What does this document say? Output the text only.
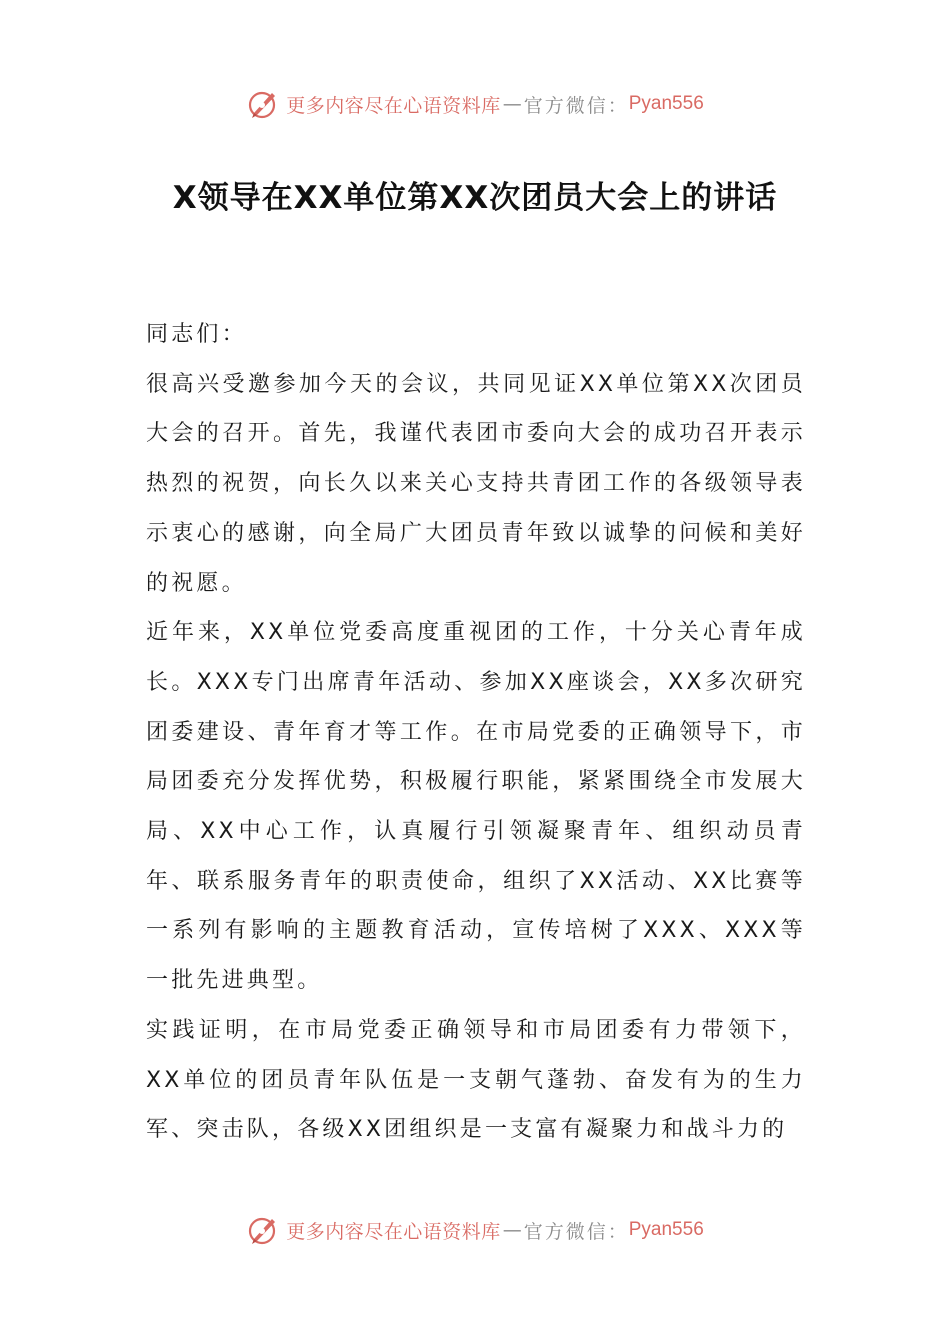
更多内容尽在心语资料库 — 官方微信： Pyan556
X领导在XX单位第XX次团员大会上的讲话

同志们：

很高兴受邀参加今天的会议，共同见证XX单位第XX次团员大会的召开。首先，我谨代表团市委向大会的成功召开表示热烈的祝贺，向长久以来关心支持共青团工作的各级领导表示衷心的感谢，向全局广大团员青年致以诚挚的问候和美好的祝愿。

近年来，XX单位党委高度重视团的工作，十分关心青年成长。XXX专门出席青年活动、参加XX座谈会，XX多次研究团委建设、青年育才等工作。在市局党委的正确领导下，市局团委充分发挥优势，积极履行职能，紧紧围绕全市发展大局、XX中心工作，认真履行引领凝聚青年、组织动员青年、联系服务青年的职责使命，组织了XX活动、XX比赛等一系列有影响的主题教育活动，宣传培树了XXX、XXX等一批先进典型。

实践证明，在市局党委正确领导和市局团委有力带领下，XX单位的团员青年队伍是一支朝气蓬勃、奋发有为的生力军、突击队，各级XX团组织是一支富有凝聚力和战斗力的

更多内容尽在心语资料库 — 官方微信： Pyan556
